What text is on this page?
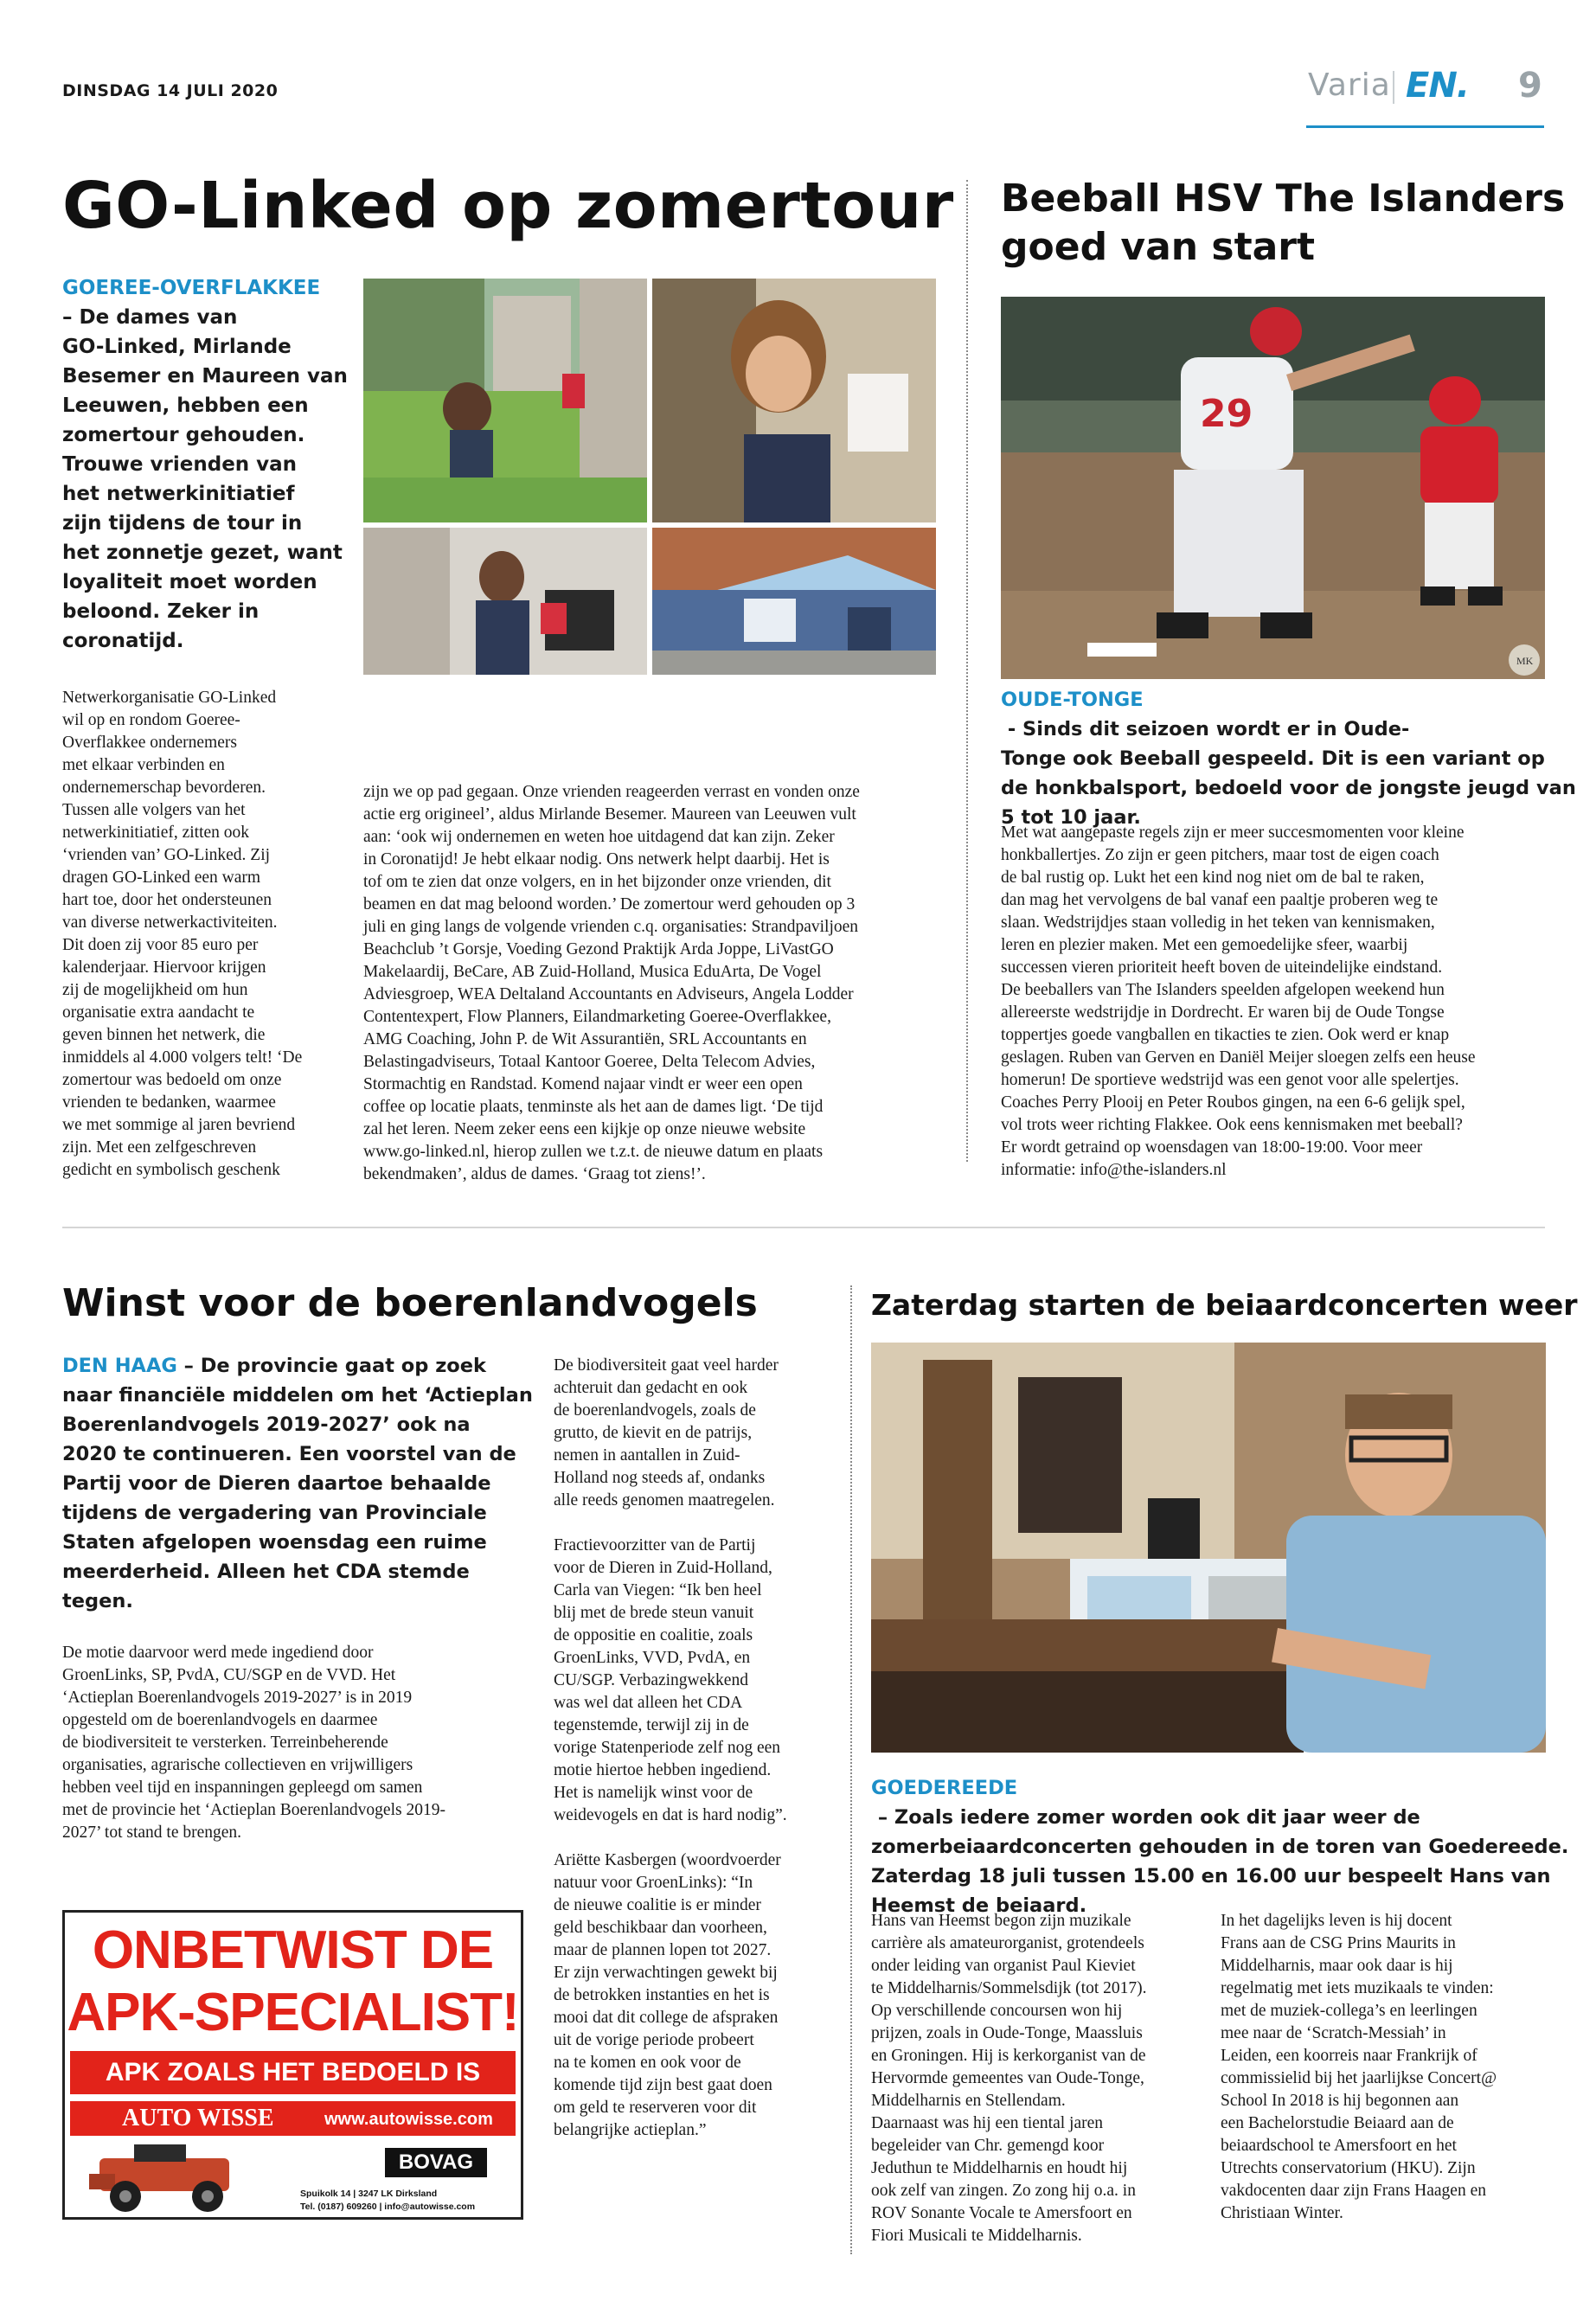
DINSDAG 14 JULI 2020	Varia EN. 9
GO-Linked op zomertour
GOEREE-OVERFLAKKEE
– De dames van
GO-Linked, Mirlande
Besemer en Maureen van
Leeuwen, hebben een
zomertour gehouden.
Trouwe vrienden van
het netwerkinitiatief
zijn tijdens de tour in
het zonnetje gezet, want
loyaliteit moet worden
beloond. Zeker in
coronatijd.
Netwerkorganisatie GO-Linked
wil op en rondom Goeree-
Overflakkee ondernemers
met elkaar verbinden en
ondernemerschap bevorderen.
Tussen alle volgers van het
netwerkinitiatief, zitten ook
‘vrienden van’ GO-Linked. Zij
dragen GO-Linked een warm
hart toe, door het ondersteunen
van diverse netwerkactiviteiten.
Dit doen zij voor 85 euro per
kalenderjaar. Hiervoor krijgen
zij de mogelijkheid om hun
organisatie extra aandacht te
geven binnen het netwerk, die
inmiddels al 4.000 volgers telt! ‘De
zomertour was bedoeld om onze
vrienden te bedanken, waarmee
we met sommige al jaren bevriend
zijn. Met een zelfgeschreven
gedicht en symbolisch geschenk
zijn we op pad gegaan. Onze vrienden reageerden verrast en vonden onze
actie erg origineel’, aldus Mirlande Besemer. Maureen van Leeuwen vult
aan: ‘ook wij ondernemen en weten hoe uitdagend dat kan zijn. Zeker
in Coronatijd! Je hebt elkaar nodig. Ons netwerk helpt daarbij. Het is
tof om te zien dat onze volgers, en in het bijzonder onze vrienden, dit
beamen en dat mag beloond worden.’ De zomertour werd gehouden op 3
juli en ging langs de volgende vrienden c.q. organisaties: Strandpaviljoen
Beachclub ’t Gorsje, Voeding Gezond Praktijk Arda Joppe, LiVastGO
Makelaardij, BeCare, AB Zuid-Holland, Musica EduArta, De Vogel
Adviesgroep, WEA Deltaland Accountants en Adviseurs, Angela Lodder
Contentexpert, Flow Planners, Eilandmarketing Goeree-Overflakkee,
AMG Coaching, John P. de Wit Assurantiën, SRL Accountants en
Belastingadviseurs, Totaal Kantoor Goeree, Delta Telecom Advies,
Stormachtig en Randstad. Komend najaar vindt er weer een open
coffee op locatie plaats, tenminste als het aan de dames ligt. ‘De tijd
zal het leren. Neem zeker eens een kijkje op onze nieuwe website
www.go-linked.nl, hierop zullen we t.z.t. de nieuwe datum en plaats
bekendmaken’, aldus de dames. ‘Graag tot ziens!’.
Beeball HSV The Islanders
goed van start
29
MK
OUDE-TONGE - Sinds dit seizoen wordt er in Oude-
Tonge ook Beeball gespeeld. Dit is een variant op
de honkbalsport, bedoeld voor de jongste jeugd van
5 tot 10 jaar.
Met wat aangepaste regels zijn er meer succesmomenten voor kleine
honkballertjes. Zo zijn er geen pitchers, maar tost de eigen coach
de bal rustig op. Lukt het een kind nog niet om de bal te raken,
dan mag het vervolgens de bal vanaf een paaltje proberen weg te
slaan. Wedstrijdjes staan volledig in het teken van kennismaken,
leren en plezier maken. Met een gemoedelijke sfeer, waarbij
successen vieren prioriteit heeft boven de uiteindelijke eindstand.
De beeballers van The Islanders speelden afgelopen weekend hun
allereerste wedstrijdje in Dordrecht. Er waren bij de Oude Tongse
toppertjes goede vangballen en tikacties te zien. Ook werd er knap
geslagen. Ruben van Gerven en Daniël Meijer sloegen zelfs een heuse
homerun! De sportieve wedstrijd was een genot voor alle spelertjes.
Coaches Perry Plooij en Peter Roubos gingen, na een 6-6 gelijk spel,
vol trots weer richting Flakkee. Ook eens kennismaken met beeball?
Er wordt getraind op woensdagen van 18:00-19:00. Voor meer
informatie: info@the-islanders.nl
Winst voor de boerenlandvogels
DEN HAAG – De provincie gaat op zoek
naar financiële middelen om het ‘Actieplan
Boerenlandvogels 2019-2027’ ook na
2020 te continueren. Een voorstel van de
Partij voor de Dieren daartoe behaalde
tijdens de vergadering van Provinciale
Staten afgelopen woensdag een ruime
meerderheid. Alleen het CDA stemde
tegen.
De motie daarvoor werd mede ingediend door
GroenLinks, SP, PvdA, CU/SGP en de VVD. Het
‘Actieplan Boerenlandvogels 2019-2027’ is in 2019
opgesteld om de boerenlandvogels en daarmee
de biodiversiteit te versterken. Terreinbeherende
organisaties, agrarische collectieven en vrijwilligers
hebben veel tijd en inspanningen gepleegd om samen
met de provincie het ‘Actieplan Boerenlandvogels 2019-
2027’ tot stand te brengen.

De biodiversiteit gaat veel harder
achteruit dan gedacht en ook
de boerenlandvogels, zoals de
grutto, de kievit en de patrijs,
nemen in aantallen in Zuid-
Holland nog steeds af, ondanks
alle reeds genomen maatregelen.

Fractievoorzitter van de Partij
voor de Dieren in Zuid-Holland,
Carla van Viegen: “Ik ben heel
blij met de brede steun vanuit
de oppositie en coalitie, zoals
GroenLinks, VVD, PvdA, en
CU/SGP. Verbazingwekkend
was wel dat alleen het CDA
tegenstemde, terwijl zij in de
vorige Statenperiode zelf nog een
motie hiertoe hebben ingediend.
Het is namelijk winst voor de
weidevogels en dat is hard nodig”.

Ariëtte Kasbergen (woordvoerder
natuur voor GroenLinks): “In
de nieuwe coalitie is er minder
geld beschikbaar dan voorheen,
maar de plannen lopen tot 2027.
Er zijn verwachtingen gewekt bij
de betrokken instanties en het is
mooi dat dit college de afspraken
uit de vorige periode probeert
na te komen en ook voor de
komende tijd zijn best gaat doen
om geld te reserveren voor dit
belangrijke actieplan.”

ONBETWIST DE
APK-SPECIALIST!
APK ZOALS HET BEDOELD IS
AUTO WISSE	www.autowisse.com
BOVAG
Spuikolk 14 | 3247 LK Dirksland
Tel. (0187) 609260 | info@autowisse.com
Zaterdag starten de beiaardconcerten weer
GOEDEREEDE – Zoals iedere zomer worden ook dit jaar weer de
zomerbeiaardconcerten gehouden in de toren van Goedereede.
Zaterdag 18 juli tussen 15.00 en 16.00 uur bespeelt Hans van
Heemst de beiaard.
Hans van Heemst begon zijn muzikale
carrière als amateurorganist, grotendeels
onder leiding van organist Paul Kieviet
te Middelharnis/Sommelsdijk (tot 2017).
Op verschillende concoursen won hij
prijzen, zoals in Oude-Tonge, Maassluis
en Groningen. Hij is kerkorganist van de
Hervormde gemeentes van Oude-Tonge,
Middelharnis en Stellendam.
Daarnaast was hij een tiental jaren
begeleider van Chr. gemengd koor
Jeduthun te Middelharnis en houdt hij
ook zelf van zingen. Zo zong hij o.a. in
ROV Sonante Vocale te Amersfoort en
Fiori Musicali te Middelharnis.
In het dagelijks leven is hij docent
Frans aan de CSG Prins Maurits in
Middelharnis, maar ook daar is hij
regelmatig met iets muzikaals te vinden:
met de muziek-collega’s en leerlingen
mee naar de ‘Scratch-Messiah’ in
Leiden, een koorreis naar Frankrijk of
commissielid bij het jaarlijkse Concert@
School In 2018 is hij begonnen aan
een Bachelorstudie Beiaard aan de
beiaardschool te Amersfoort en het
Utrechts conservatorium (HKU). Zijn
vakdocenten daar zijn Frans Haagen en
Christiaan Winter.
